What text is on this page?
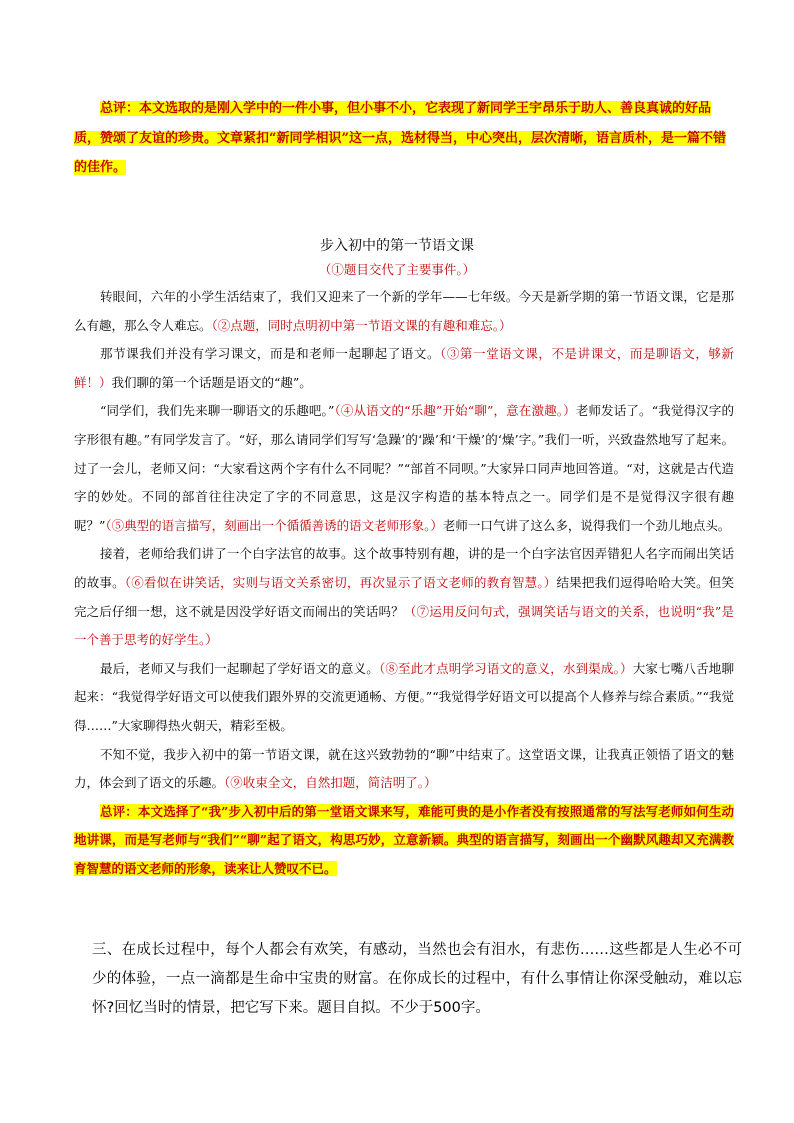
总评：本文选取的是刚入学中的一件小事，但小事不小，它表现了新同学王宇昂乐于助人、善良真诚的好品质，赞颂了友谊的珍贵。文章紧扣“新同学相识”这一点，选材得当，中心突出，层次清晰，语言质朴，是一篇不错的佳作。
步入初中的第一节语文课
（①题目交代了主要事件。）

转眼间，六年的小学生活结束了，我们又迎来了一个新的学年——七年级。今天是新学期的第一节语文课，它是那么有趣，那么令人难忘。（②点题，同时点明初中第一节语文课的有趣和难忘。）

那节课我们并没有学习课文，而是和老师一起聊起了语文。（③第一堂语文课，不是讲课文，而是聊语文，够新鲜！）我们聊的第一个话题是语文的“趣”。

“同学们，我们先来聊一聊语文的乐趣吧。”（④从语文的“乐趣”开始“聊”，意在激趣。）老师发话了。“我觉得汉字的字形很有趣。”有同学发言了。“好，那么请同学们写写‘急躁’的‘躁’和‘干燥’的‘燥’字。”我们一听，兴致盎然地写了起来。过了一会儿，老师又问：“大家看这两个字有什么不同呢？”“部首不同呗。”大家异口同声地回答道。“对，这就是古代造字的妙处。不同的部首往往决定了字的不同意思，这是汉字构造的基本特点之一。同学们是不是觉得汉字很有趣呢？”（⑤典型的语言描写，刻画出一个循循善诱的语文老师形象。）老师一口气讲了这么多，说得我们一个劲儿地点头。

接着，老师给我们讲了一个白字法官的故事。这个故事特别有趣，讲的是一个白字法官因弄错犯人名字而闹出笑话的故事。（⑥看似在讲笑话，实则与语文关系密切，再次显示了语文老师的教育智慧。）结果把我们逗得哈哈大笑。但笑完之后仔细一想，这不就是因没学好语文而闹出的笑话吗？（⑦运用反问句式，强调笑话与语文的关系，也说明“我”是一个善于思考的好学生。）

最后，老师又与我们一起聊起了学好语文的意义。（⑧至此才点明学习语文的意义，水到渠成。）大家七嘴八舌地聊起来：“我觉得学好语文可以使我们跟外界的交流更通畅、方便。”“我觉得学好语文可以提高个人修养与综合素质。”“我觉得……”大家聊得热火朝天，精彩至极。

不知不觉，我步入初中的第一节语文课，就在这兴致勃勃的“聊”中结束了。这堂语文课，让我真正领悟了语文的魅力，体会到了语文的乐趣。（⑨收束全文，自然扣题，简洁明了。）

总评：本文选择了“我”步入初中后的第一堂语文课来写，难能可贵的是小作者没有按照通常的写法写老师如何生动地讲课，而是写老师与“我们”“聊”起了语文，构思巧妙，立意新颖。典型的语言描写，刻画出一个幽默风趣却又充满教育智慧的语文老师的形象，读来让人赞叹不已。

三、在成长过程中，每个人都会有欢笑，有感动，当然也会有泪水，有悲伤……这些都是人生必不可少的体验，一点一滴都是生命中宝贵的财富。在你成长的过程中，有什么事情让你深受触动，难以忘怀?回忆当时的情景，把它写下来。题目自拟。不少于500字。
